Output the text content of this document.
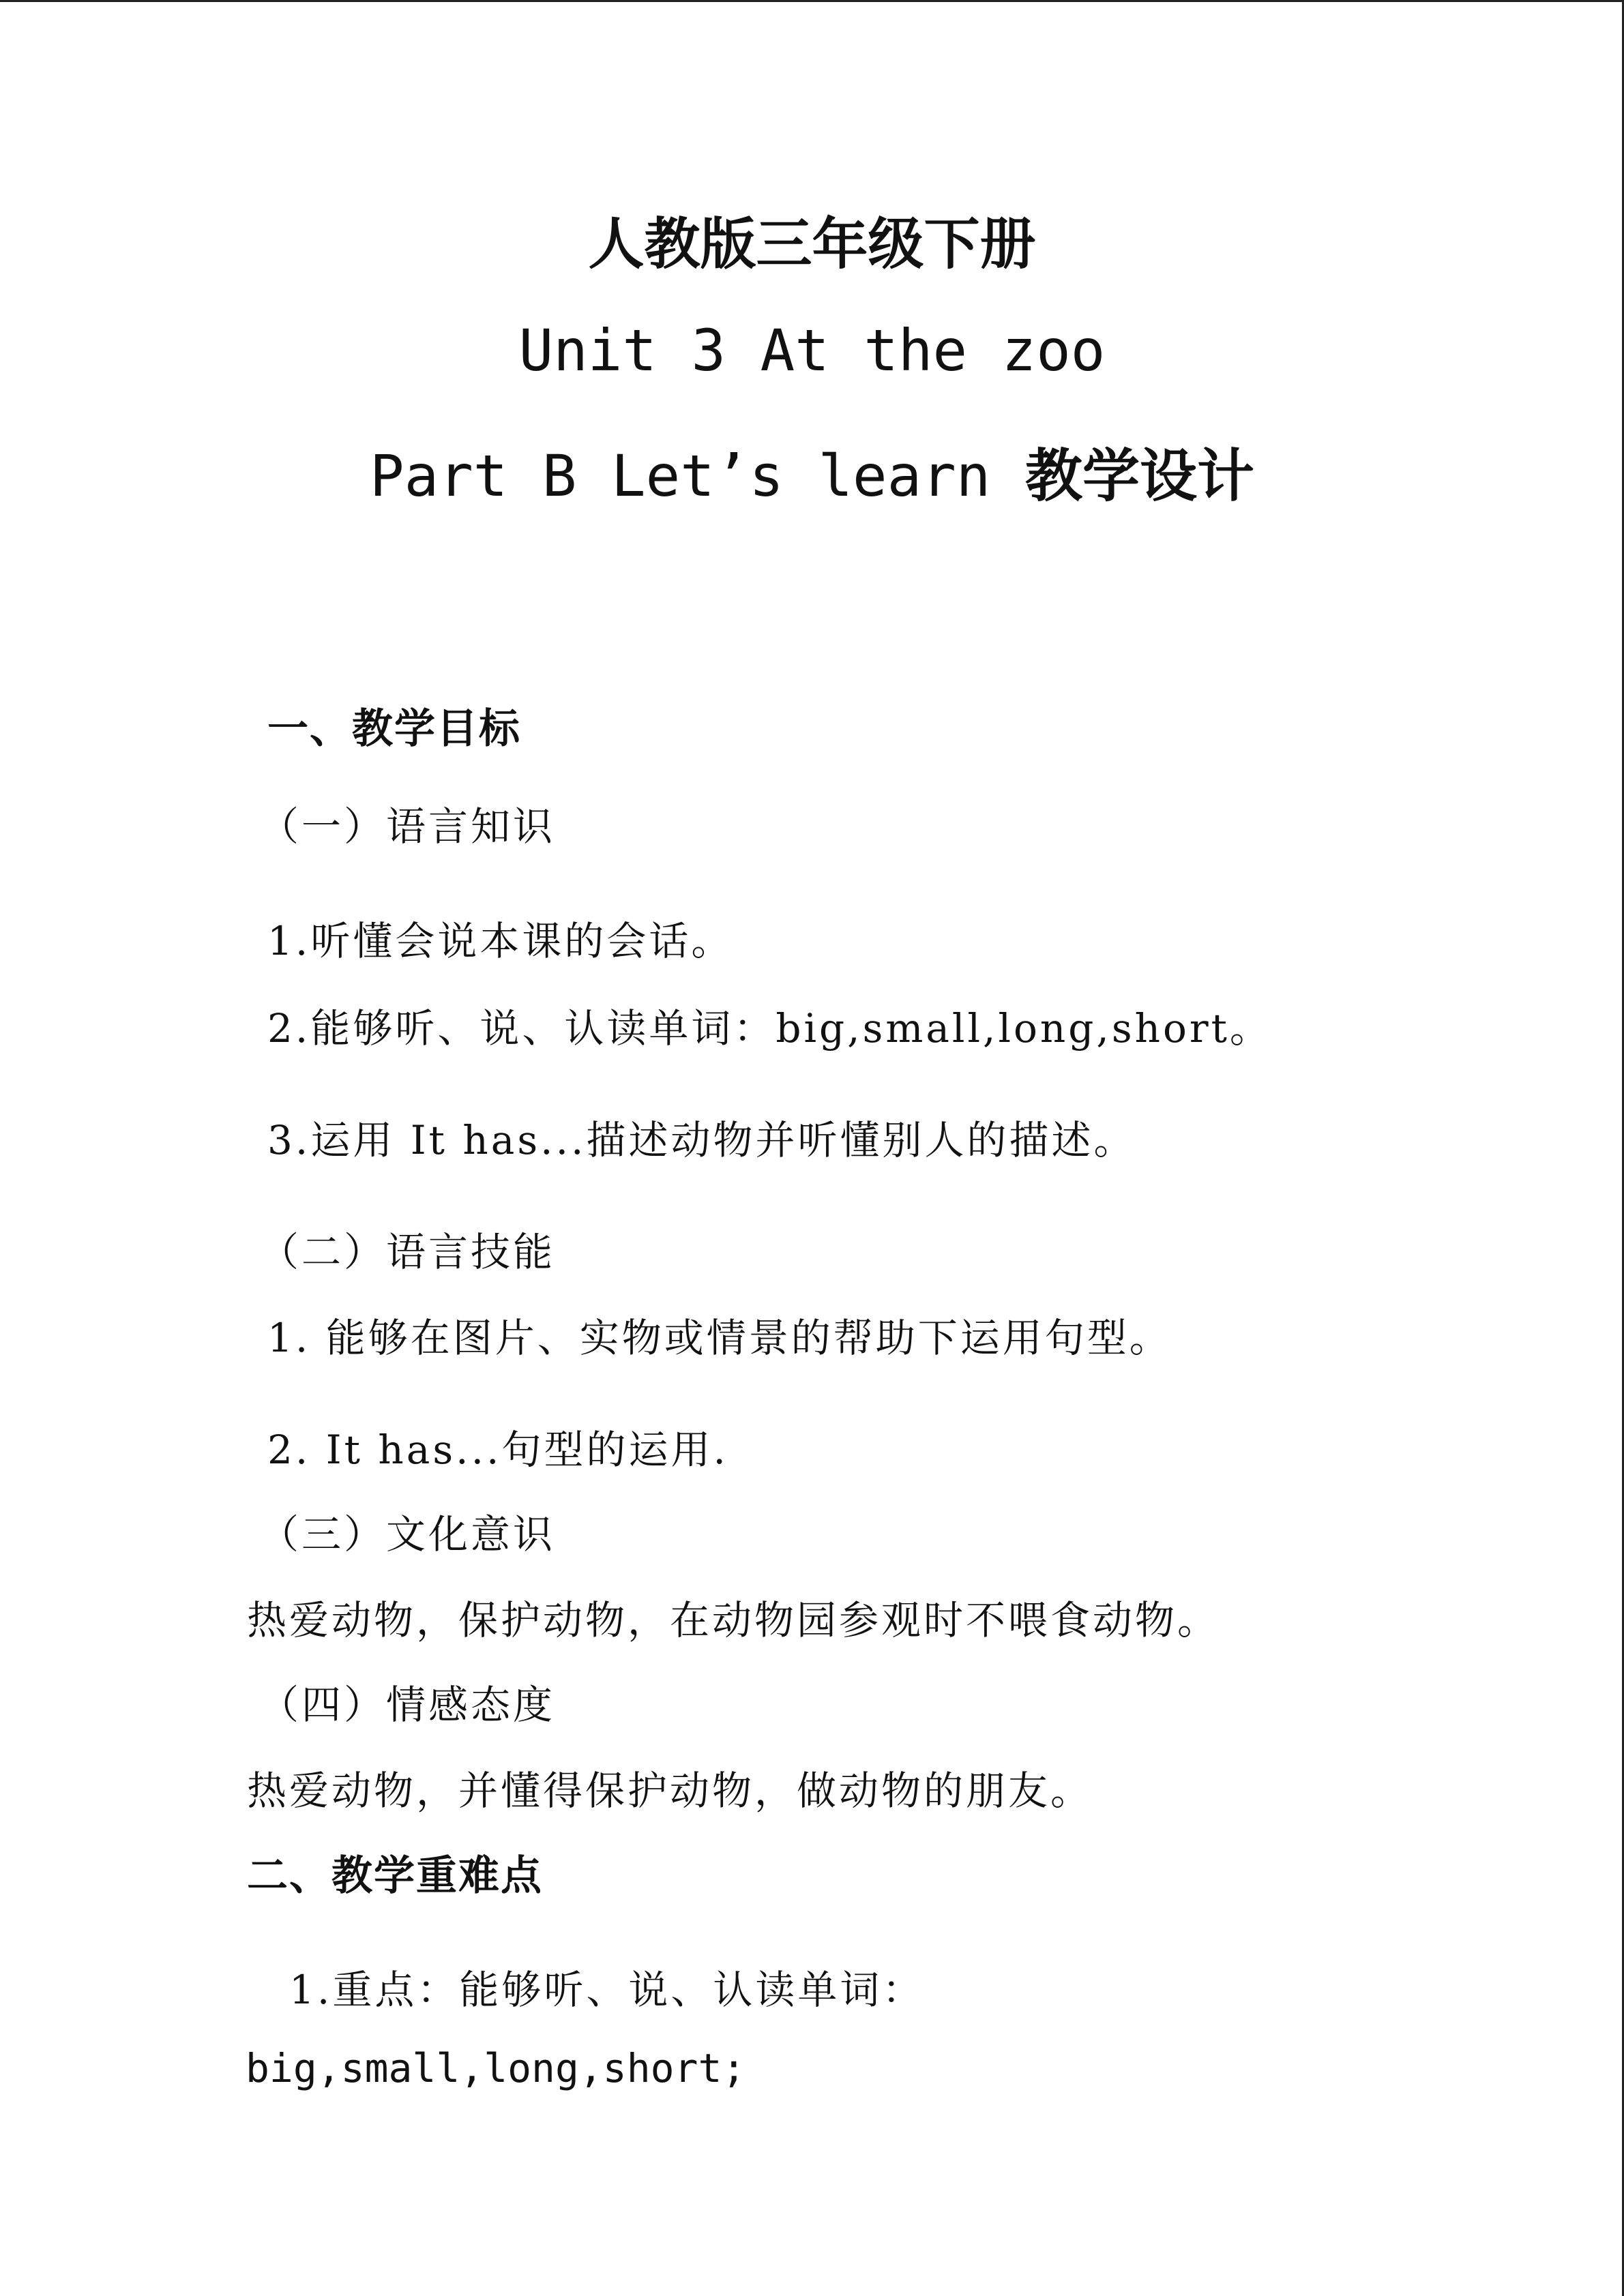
人教版三年级下册
Unit 3 At the zoo
Part B Let’s learn 教学设计
一、教学目标
（一）语言知识
1.听懂会说本课的会话。
2.能够听、说、认读单词：big,small,long,short。
3.运用 It has...描述动物并听懂别人的描述。
（二）语言技能
1. 能够在图片、实物或情景的帮助下运用句型。
2. It has...句型的运用.
（三）文化意识
热爱动物，保护动物，在动物园参观时不喂食动物。
（四）情感态度
热爱动物，并懂得保护动物，做动物的朋友。
二、教学重难点
1.重点：能够听、说、认读单词：
big,small,long,short;
